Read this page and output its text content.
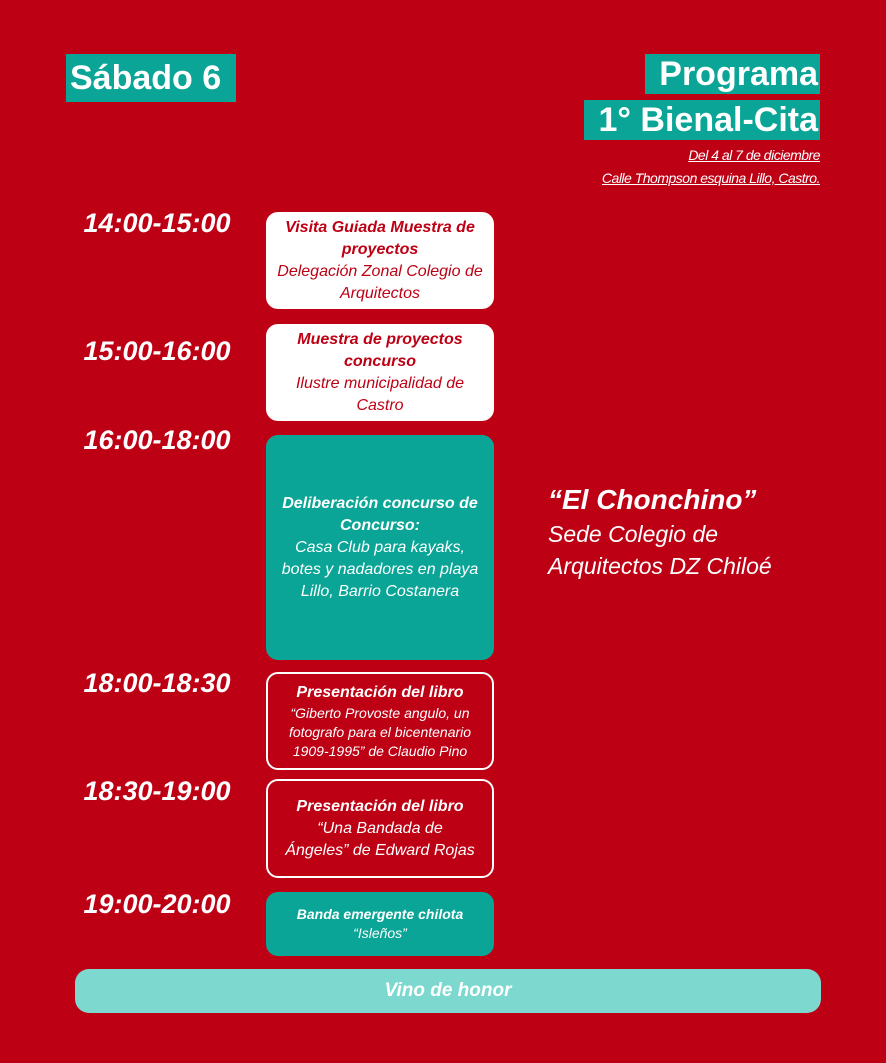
Sábado 6	Programa
1° Bienal-Cita
Del 4 al 7 de diciembre
Calle Thompson esquina Lillo, Castro.
14:00-15:00	Visita Guiada Muestra de proyectos
Delegación Zonal Colegio de Arquitectos
15:00-16:00	Muestra de proyectos concurso
Ilustre municipalidad de Castro
16:00-18:00
Deliberación concurso de Concurso:
Casa Club para kayaks, botes y nadadores en playa Lillo, Barrio Costanera
“El Chonchino”
Sede Colegio de
Arquitectos DZ Chiloé
18:00-18:30	Presentación del libro
“Giberto Provoste angulo, un fotografo para el bicentenario 1909-1995” de Claudio Pino
18:30-19:00	Presentación del libro
“Una Bandada de Ángeles” de Edward Rojas
19:00-20:00	Banda emergente chilota
“Isleños”
Vino de honor
